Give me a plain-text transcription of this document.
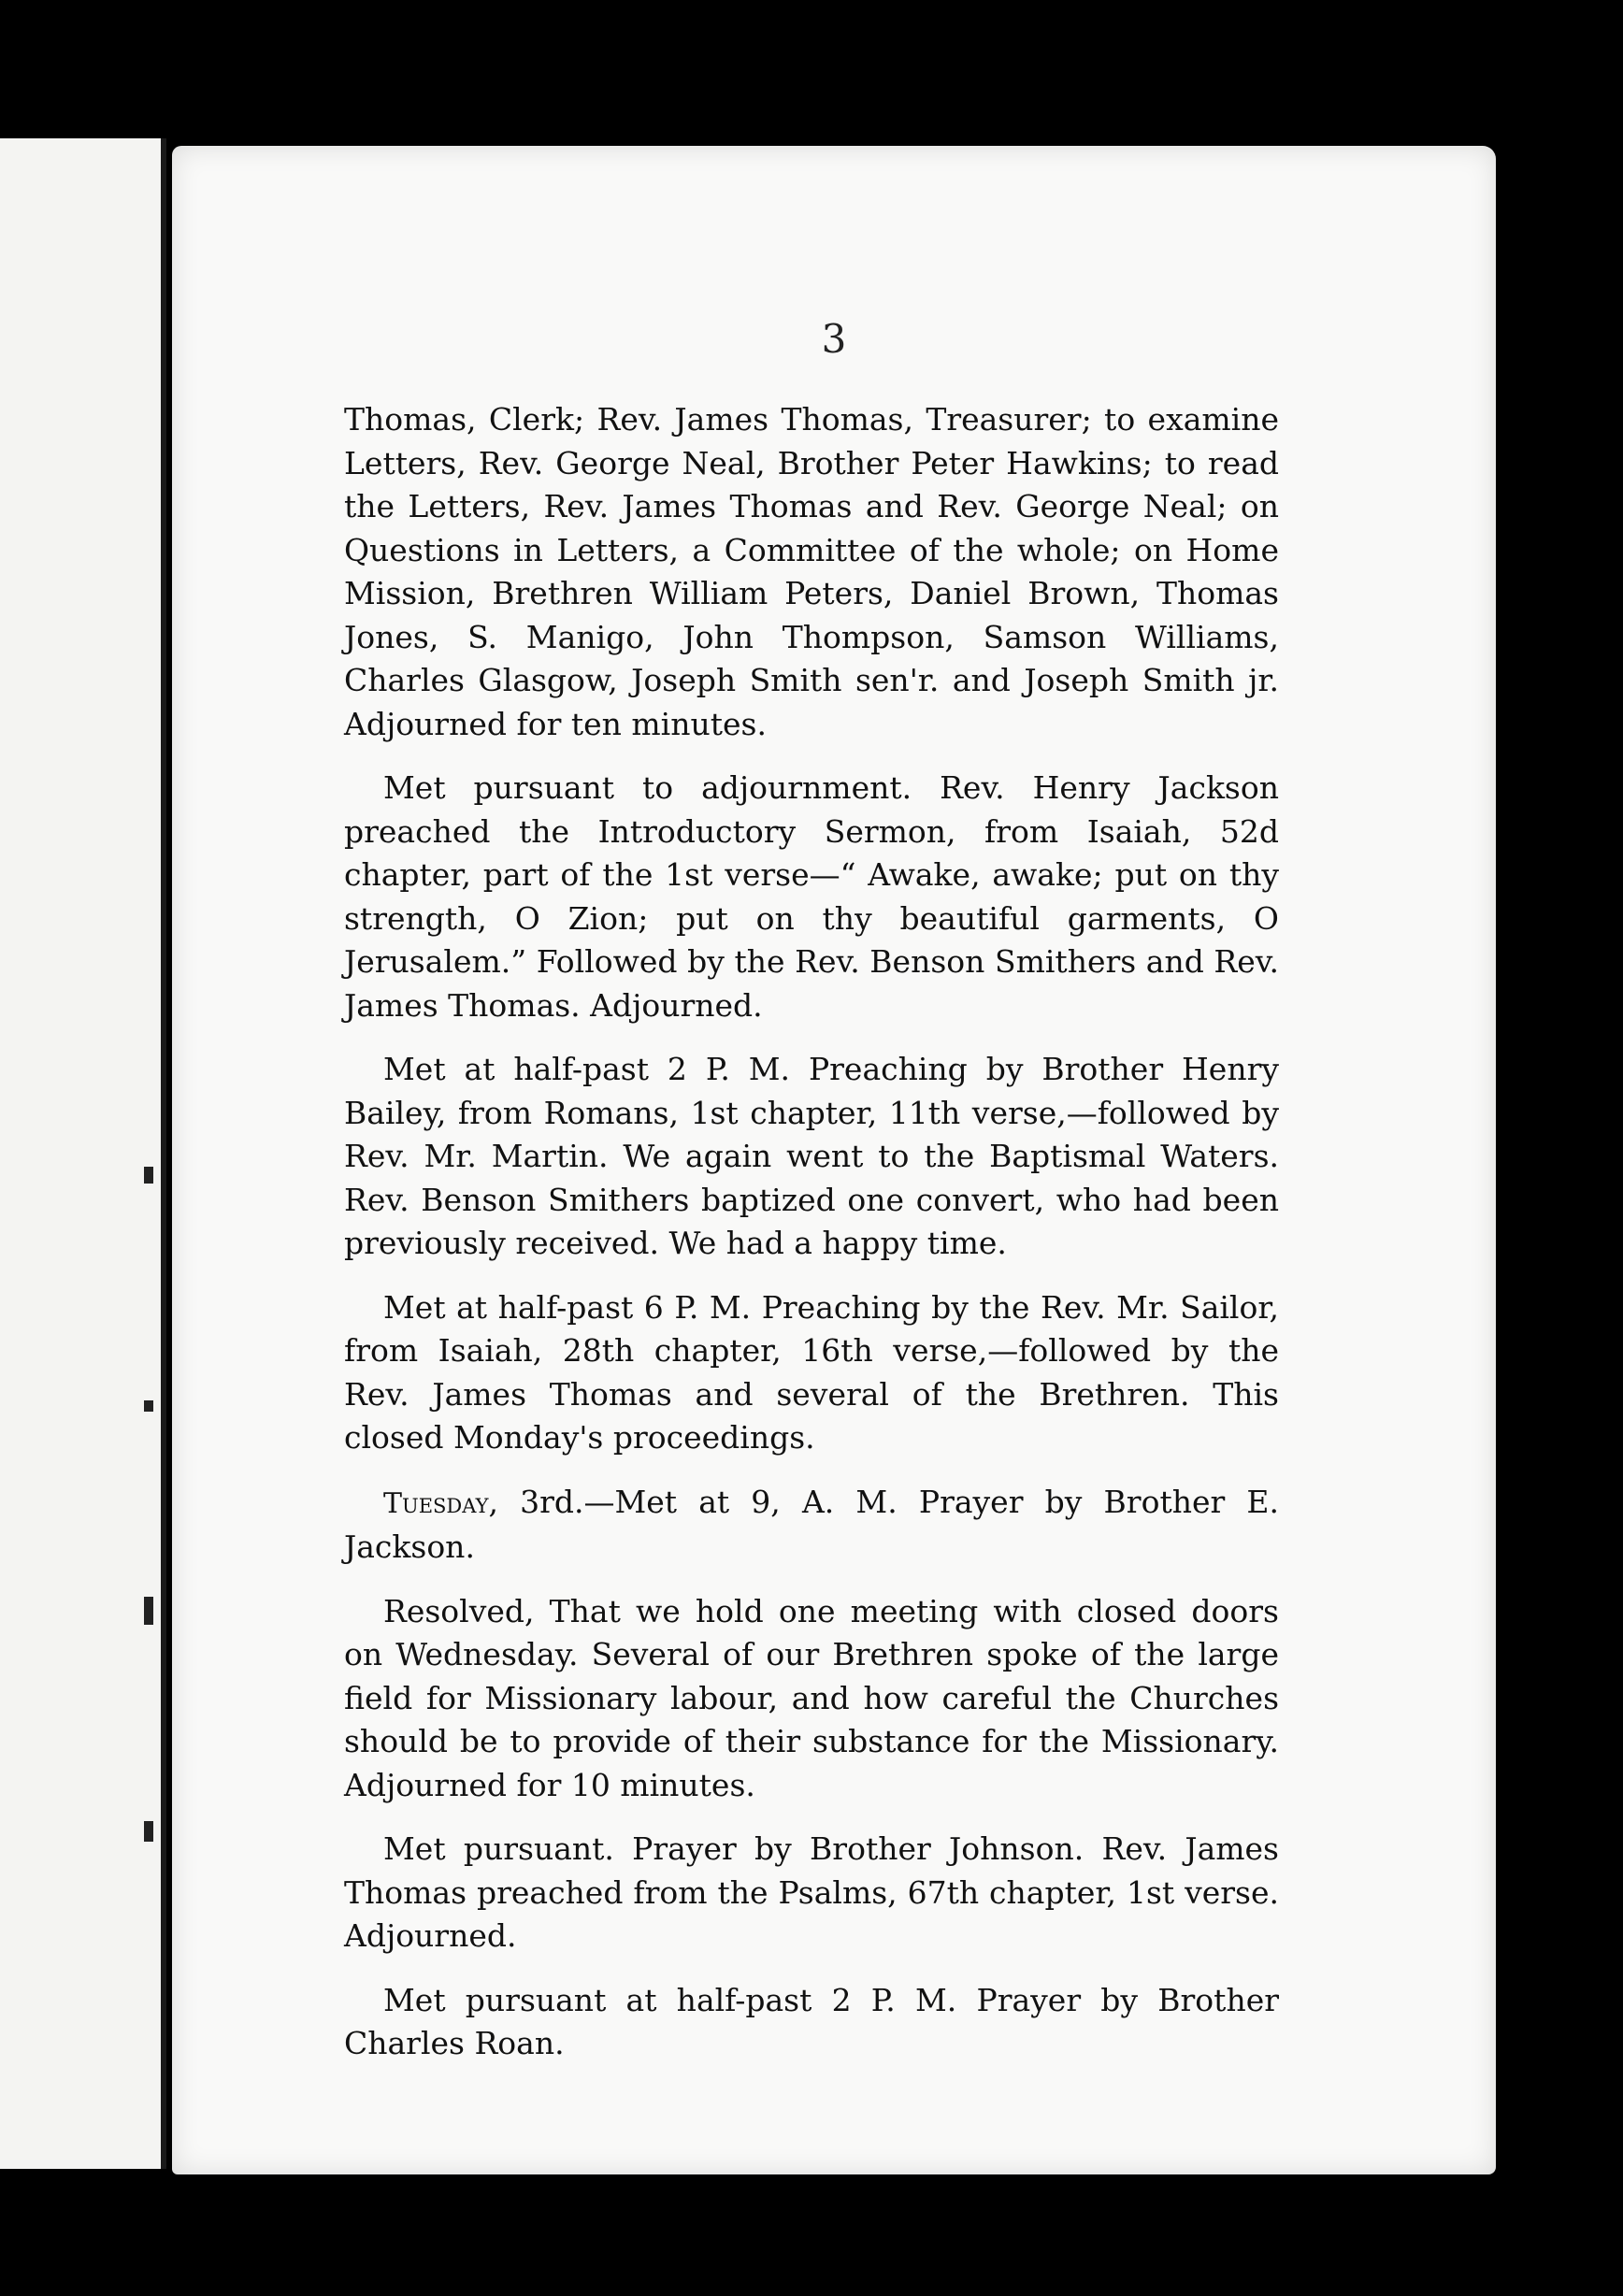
3

Thomas, Clerk; Rev. James Thomas, Treasurer; to examine Letters, Rev. George Neal, Brother Peter Hawkins; to read the Letters, Rev. James Thomas and Rev. George Neal; on Questions in Letters, a Committee of the whole; on Home Mission, Brethren William Peters, Daniel Brown, Thomas Jones, S. Manigo, John Thompson, Samson Williams, Charles Glasgow, Joseph Smith sen'r. and Joseph Smith jr. Adjourned for ten minutes.

Met pursuant to adjournment. Rev. Henry Jackson preached the Introductory Sermon, from Isaiah, 52d chapter, part of the 1st verse—“ Awake, awake; put on thy strength, O Zion; put on thy beautiful garments, O Jerusalem.” Followed by the Rev. Benson Smithers and Rev. James Thomas. Adjourned.

Met at half-past 2 P. M. Preaching by Brother Henry Bailey, from Romans, 1st chapter, 11th verse,—followed by Rev. Mr. Martin. We again went to the Baptismal Waters. Rev. Benson Smithers baptized one convert, who had been previously received. We had a happy time.

Met at half-past 6 P. M. Preaching by the Rev. Mr. Sailor, from Isaiah, 28th chapter, 16th verse,—followed by the Rev. James Thomas and several of the Brethren. This closed Monday's proceedings.

Tuesday, 3rd.—Met at 9, A. M. Prayer by Brother E. Jackson.

Resolved, That we hold one meeting with closed doors on Wednesday. Several of our Brethren spoke of the large field for Missionary labour, and how careful the Churches should be to provide of their substance for the Missionary. Adjourned for 10 minutes.

Met pursuant. Prayer by Brother Johnson. Rev. James Thomas preached from the Psalms, 67th chapter, 1st verse. Adjourned.

Met pursuant at half-past 2 P. M. Prayer by Brother Charles Roan.
